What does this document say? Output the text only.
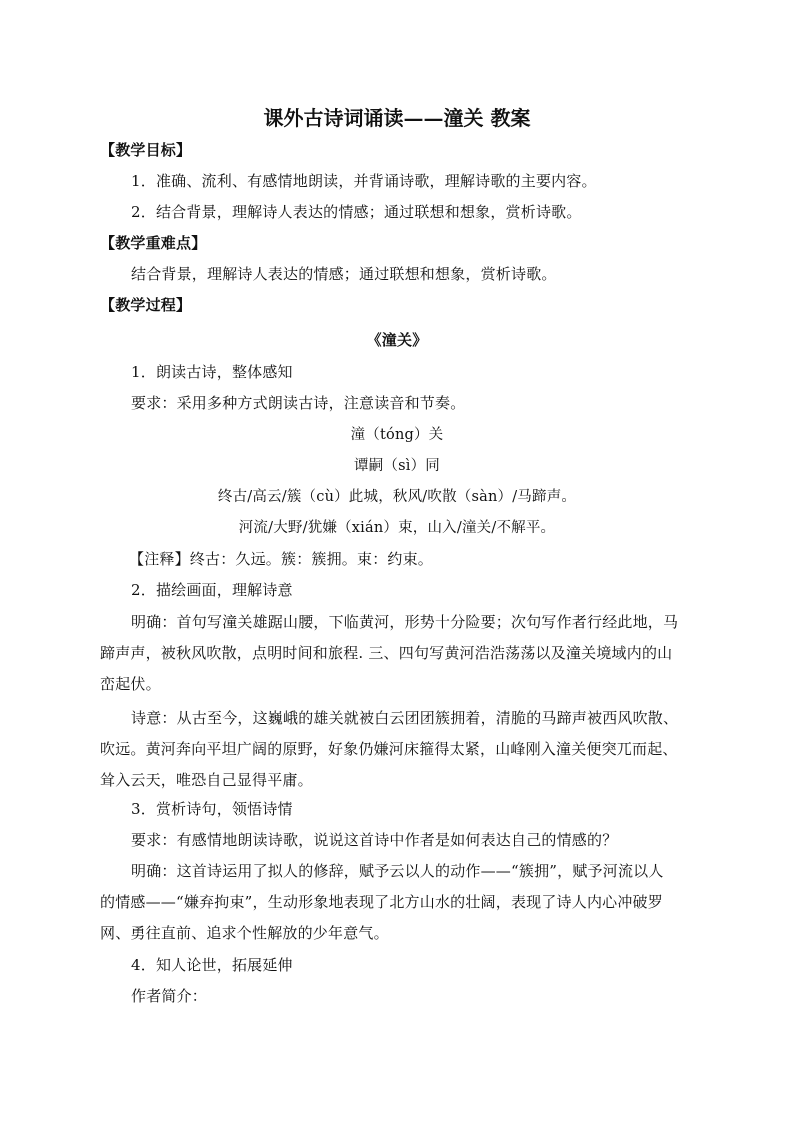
课外古诗词诵读——潼关 教案
【教学目标】
1．准确、流利、有感情地朗读，并背诵诗歌，理解诗歌的主要内容。
2．结合背景，理解诗人表达的情感；通过联想和想象，赏析诗歌。
【教学重难点】
结合背景，理解诗人表达的情感；通过联想和想象，赏析诗歌。
【教学过程】
《潼关》
1．朗读古诗，整体感知
要求：采用多种方式朗读古诗，注意读音和节奏。
潼（tóng）关
谭嗣（sì）同
终古/高云/簇（cù）此城，秋风/吹散（sàn）/马蹄声。
河流/大野/犹嫌（xián）束，山入/潼关/不解平。
【注释】终古：久远。簇：簇拥。束：约束。
2．描绘画面，理解诗意
明确：首句写潼关雄踞山腰，下临黄河，形势十分险要；次句写作者行经此地，马
蹄声声，被秋风吹散，点明时间和旅程. 三、四句写黄河浩浩荡荡以及潼关境域内的山
峦起伏。
诗意：从古至今，这巍峨的雄关就被白云团团簇拥着，清脆的马蹄声被西风吹散、
吹远。黄河奔向平坦广阔的原野，好象仍嫌河床箍得太紧，山峰刚入潼关便突兀而起、
耸入云天，唯恐自己显得平庸。
3．赏析诗句，领悟诗情
要求：有感情地朗读诗歌，说说这首诗中作者是如何表达自己的情感的？
明确：这首诗运用了拟人的修辞，赋予云以人的动作——“簇拥”，赋予河流以人
的情感——“嫌弃拘束”，生动形象地表现了北方山水的壮阔，表现了诗人内心冲破罗
网、勇往直前、追求个性解放的少年意气。
4．知人论世，拓展延伸
作者简介：
